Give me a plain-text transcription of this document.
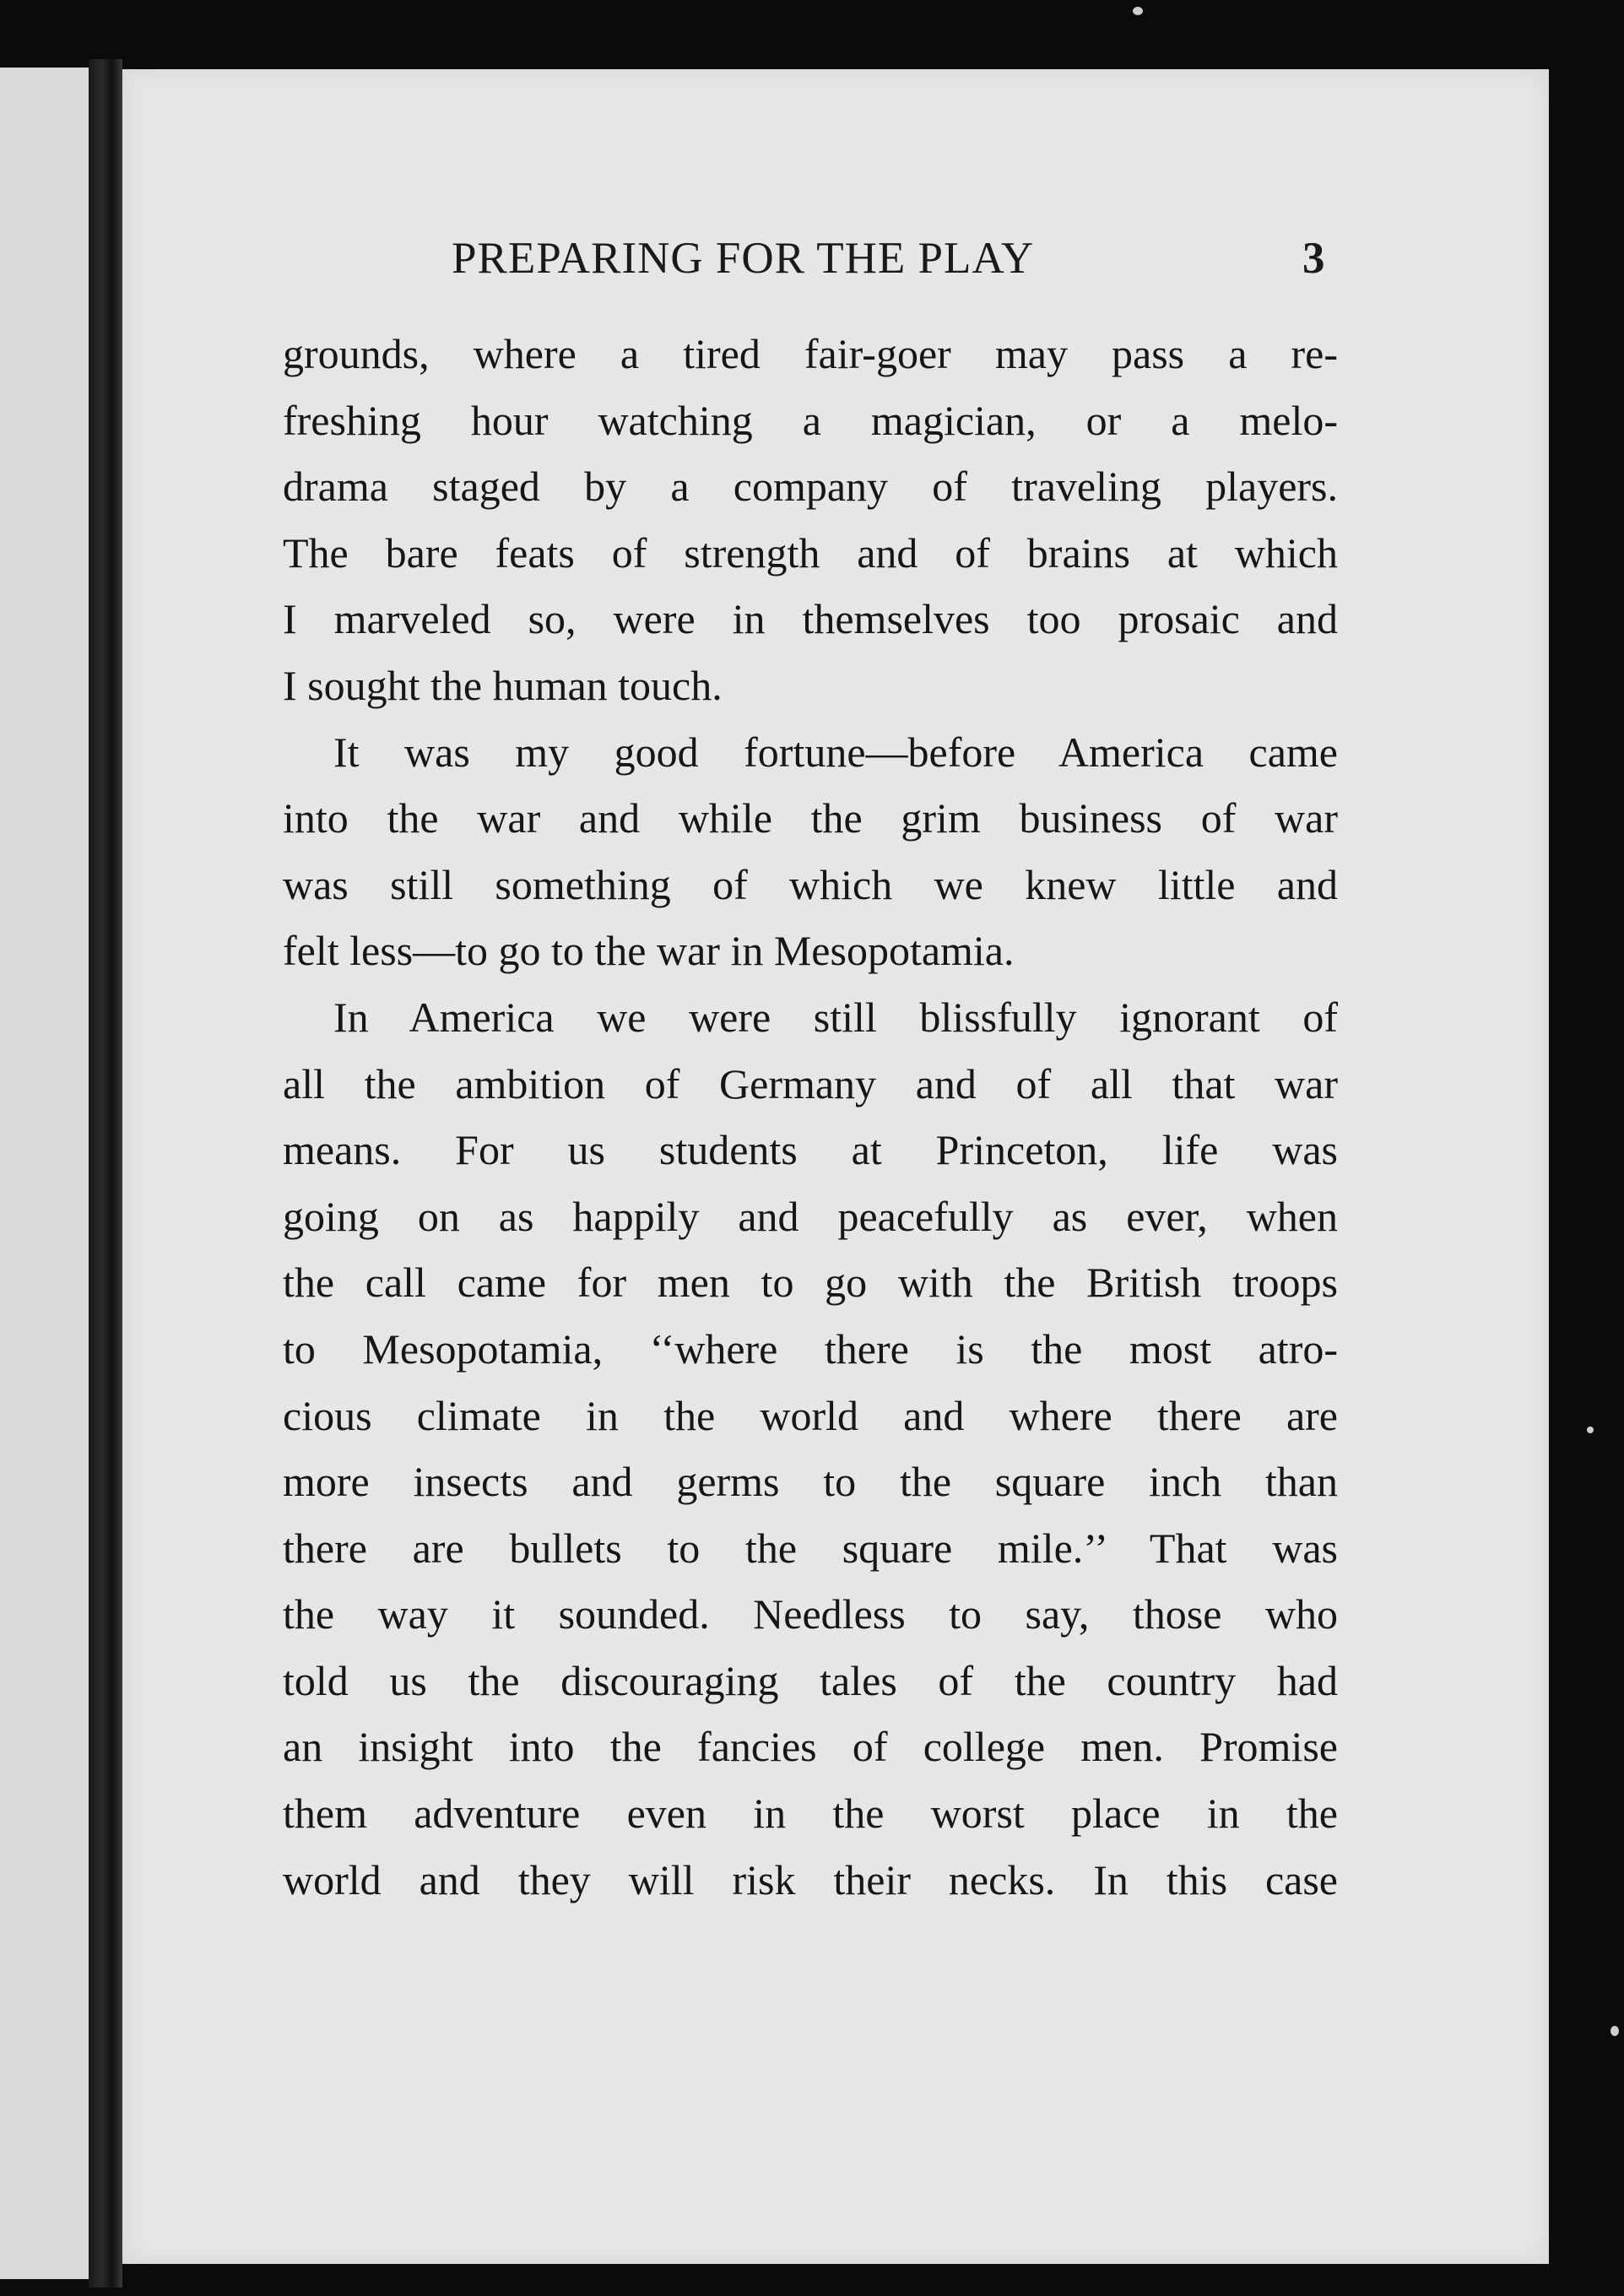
PREPARING FOR THE PLAY	3
grounds, where a tired fair-goer may pass a re-
freshing hour watching a magician, or a melo-
drama staged by a company of traveling players.
The bare feats of strength and of brains at which
I marveled so, were in themselves too prosaic and
I sought the human touch.
It was my good fortune—before America came
into the war and while the grim business of war
was still something of which we knew little and
felt less—to go to the war in Mesopotamia.
In America we were still blissfully ignorant of
all the ambition of Germany and of all that war
means. For us students at Princeton, life was
going on as happily and peacefully as ever, when
the call came for men to go with the British troops
to Mesopotamia, ‘‘where there is the most atro-
cious climate in the world and where there are
more insects and germs to the square inch than
there are bullets to the square mile.’’ That was
the way it sounded. Needless to say, those who
told us the discouraging tales of the country had
an insight into the fancies of college men. Promise
them adventure even in the worst place in the
world and they will risk their necks. In this case
